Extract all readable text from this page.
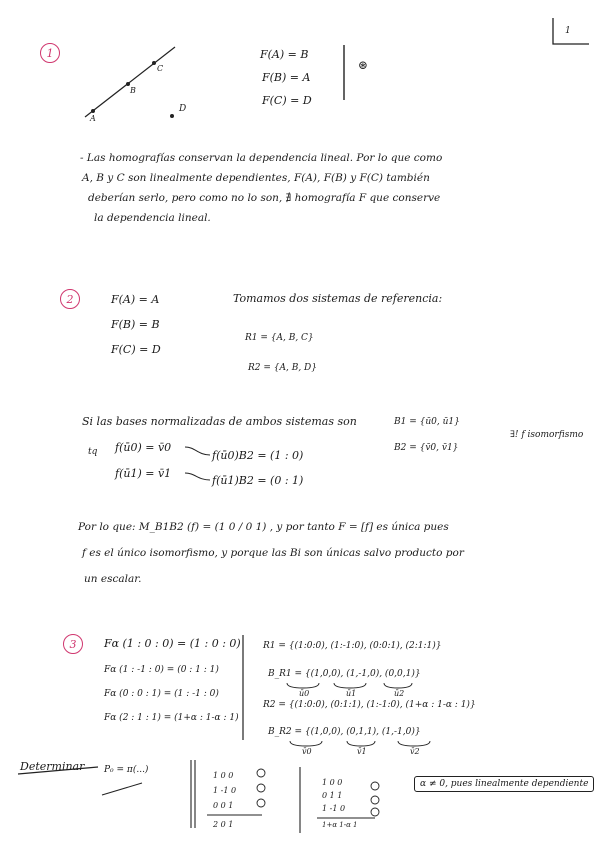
1
1
A
B
C
D
F(A) = B
F(B) = A
F(C) = D
⊛
- Las homografías conservan la dependencia lineal. Por lo que como
A, B y C son linealmente dependientes, F(A), F(B) y F(C) también
deberían serlo, pero como no lo son, ∄ homografía F que conserve
la dependencia lineal.
2	F(A) = A
F(B) = B
F(C) = D
Tomamos dos sistemas de referencia:
R1 = {A, B, C}
R2 = {A, B, D}
Si las bases normalizadas de ambos sistemas son	B1 = {ū0, ū1}
B2 = {v̄0, v̄1}
∃! f isomorfismo
tq f(ū0) = v̄0
f(ū1) = v̄1
f(ū0)B2 = (1 : 0)
f(ū1)B2 = (0 : 1)
Por lo que: M_B1B2 (f) = (1 0 / 0 1) , y por tanto F = [f] es única pues
f es el único isomorfismo, y porque las Bi son únicas salvo producto por
un escalar.
3	Fα (1 : 0 : 0) = (1 : 0 : 0)
Fα (1 : -1 : 0) = (0 : 1 : 1)
Fα (0 : 0 : 1) = (1 : -1 : 0)
Fα (2 : 1 : 1) = (1+α : 1-α : 1)
R1 = {(1:0:0), (1:-1:0), (0:0:1), (2:1:1)}
B_R1 = {(1,0,0), (1,-1,0), (0,0,1)}
R2 = {(1:0:0), (0:1:1), (1:-1:0), (1+α : 1-α : 1)}
B_R2 = {(1,0,0), (0,1,1), (1,-1,0)}
ū0	ū1	ū2
v̄0	v̄1	v̄2
Determinar P₀ = π(...)
1 0 0
1 -1 0
0 0 1
2 0 1
1 0 0
0 1 1
1 -1 0
1+α 1-α 1
α ≠ 0, pues linealmente dependiente
